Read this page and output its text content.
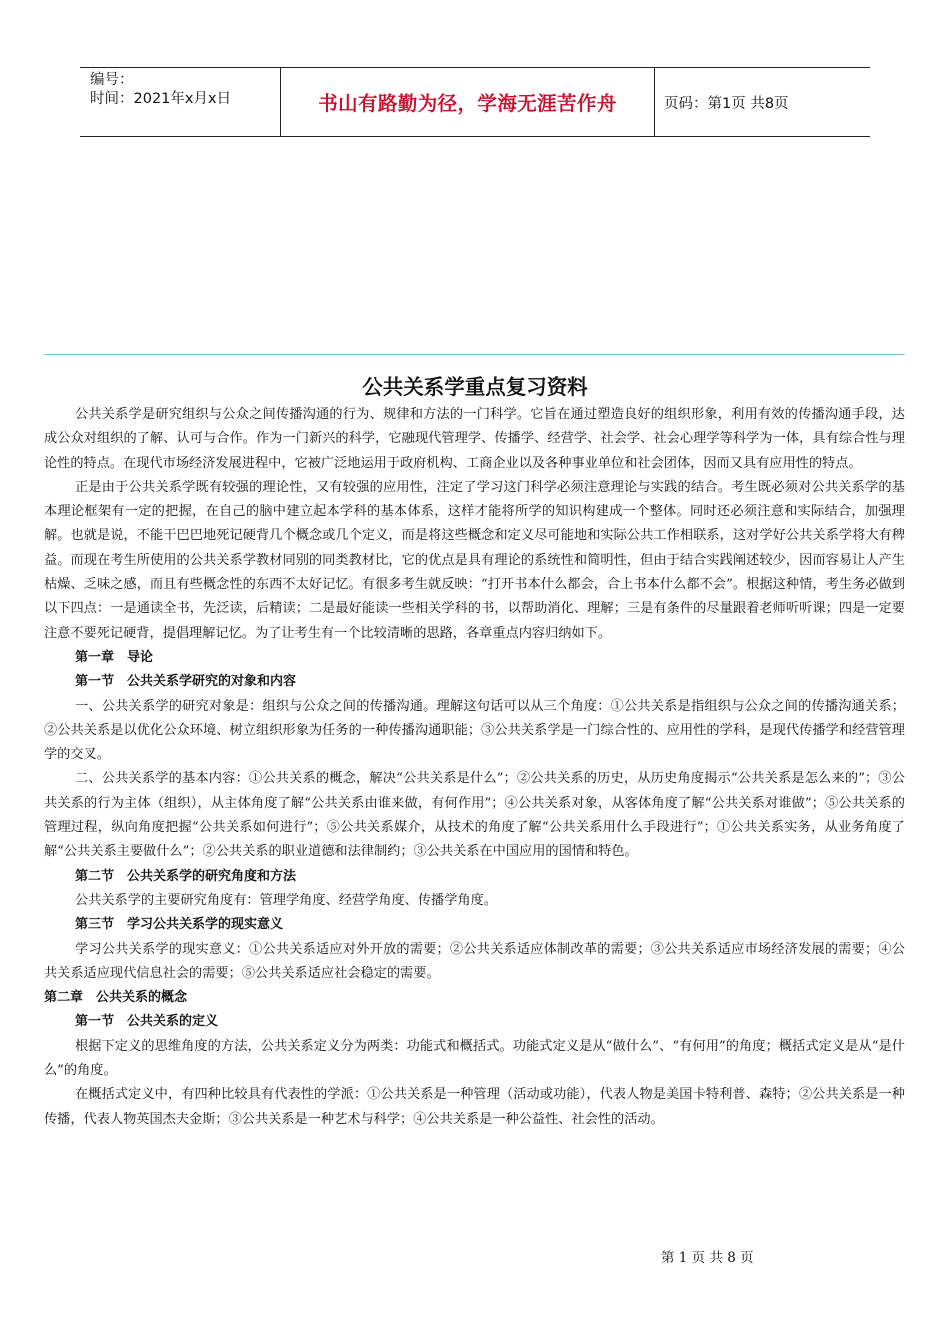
编号：
时间：2021年x月x日	书山有路勤为径，学海无涯苦作舟	页码：第1页 共8页
公共关系学重点复习资料

公共关系学是研究组织与公众之间传播沟通的行为、规律和方法的一门科学。它旨在通过塑造良好的组织形象，利用有效的传播沟通手段，达成公众对组织的了解、认可与合作。作为一门新兴的科学，它融现代管理学、传播学、经营学、社会学、社会心理学等科学为一体，具有综合性与理论性的特点。在现代市场经济发展进程中，它被广泛地运用于政府机构、工商企业以及各种事业单位和社会团体，因而又具有应用性的特点。

正是由于公共关系学既有较强的理论性，又有较强的应用性，注定了学习这门科学必须注意理论与实践的结合。考生既必须对公共关系学的基本理论框架有一定的把握，在自己的脑中建立起本学科的基本体系，这样才能将所学的知识构建成一个整体。同时还必须注意和实际结合，加强理解。也就是说，不能干巴巴地死记硬背几个概念或几个定义，而是将这些概念和定义尽可能地和实际公共工作相联系，这对学好公共关系学将大有稗益。而现在考生所使用的公共关系学教材同别的同类教材比，它的优点是具有理论的系统性和简明性，但由于结合实践阐述较少，因而容易让人产生枯燥、乏味之感，而且有些概念性的东西不太好记忆。有很多考生就反映：“打开书本什么都会，合上书本什么都不会”。根据这种情，考生务必做到以下四点：一是通读全书，先泛读，后精读；二是最好能读一些相关学科的书，以帮助消化、理解；三是有条件的尽量跟着老师听听课；四是一定要注意不要死记硬背，提倡理解记忆。为了让考生有一个比较清晰的思路，各章重点内容归纳如下。

第一章　导论

第一节　公共关系学研究的对象和内容

一、公共关系学的研究对象是：组织与公众之间的传播沟通。理解这句话可以从三个角度：①公共关系是指组织与公众之间的传播沟通关系；②公共关系是以优化公众环境、树立组织形象为任务的一种传播沟通职能；③公共关系学是一门综合性的、应用性的学科，是现代传播学和经营管理学的交叉。

二、公共关系学的基本内容：①公共关系的概念，解决“公共关系是什么”；②公共关系的历史，从历史角度揭示“公共关系是怎么来的”；③公共关系的行为主体（组织），从主体角度了解“公共关系由谁来做，有何作用”；④公共关系对象，从客体角度了解“公共关系对谁做”；⑤公共关系的管理过程，纵向角度把握“公共关系如何进行”；⑤公共关系媒介，从技术的角度了解“公共关系用什么手段进行”；①公共关系实务，从业务角度了解“公共关系主要做什么”；②公共关系的职业道德和法律制约；③公共关系在中国应用的国情和特色。

第二节　公共关系学的研究角度和方法

公共关系学的主要研究角度有：管理学角度、经营学角度、传播学角度。

第三节　学习公共关系学的现实意义

学习公共关系学的现实意义：①公共关系适应对外开放的需要；②公共关系适应体制改革的需要；③公共关系适应市场经济发展的需要；④公共关系适应现代信息社会的需要；⑤公共关系适应社会稳定的需要。

第二章　公共关系的概念

第一节　公共关系的定义

根据下定义的思维角度的方法，公共关系定义分为两类：功能式和概括式。功能式定义是从“做什么”、“有何用”的角度；概括式定义是从“是什么”的角度。

在概括式定义中，有四种比较具有代表性的学派：①公共关系是一种管理（活动或功能），代表人物是美国卡特利普、森特；②公共关系是一种传播，代表人物英国杰夫金斯；③公共关系是一种艺术与科学；④公共关系是一种公益性、社会性的活动。

第 1 页 共 8 页
